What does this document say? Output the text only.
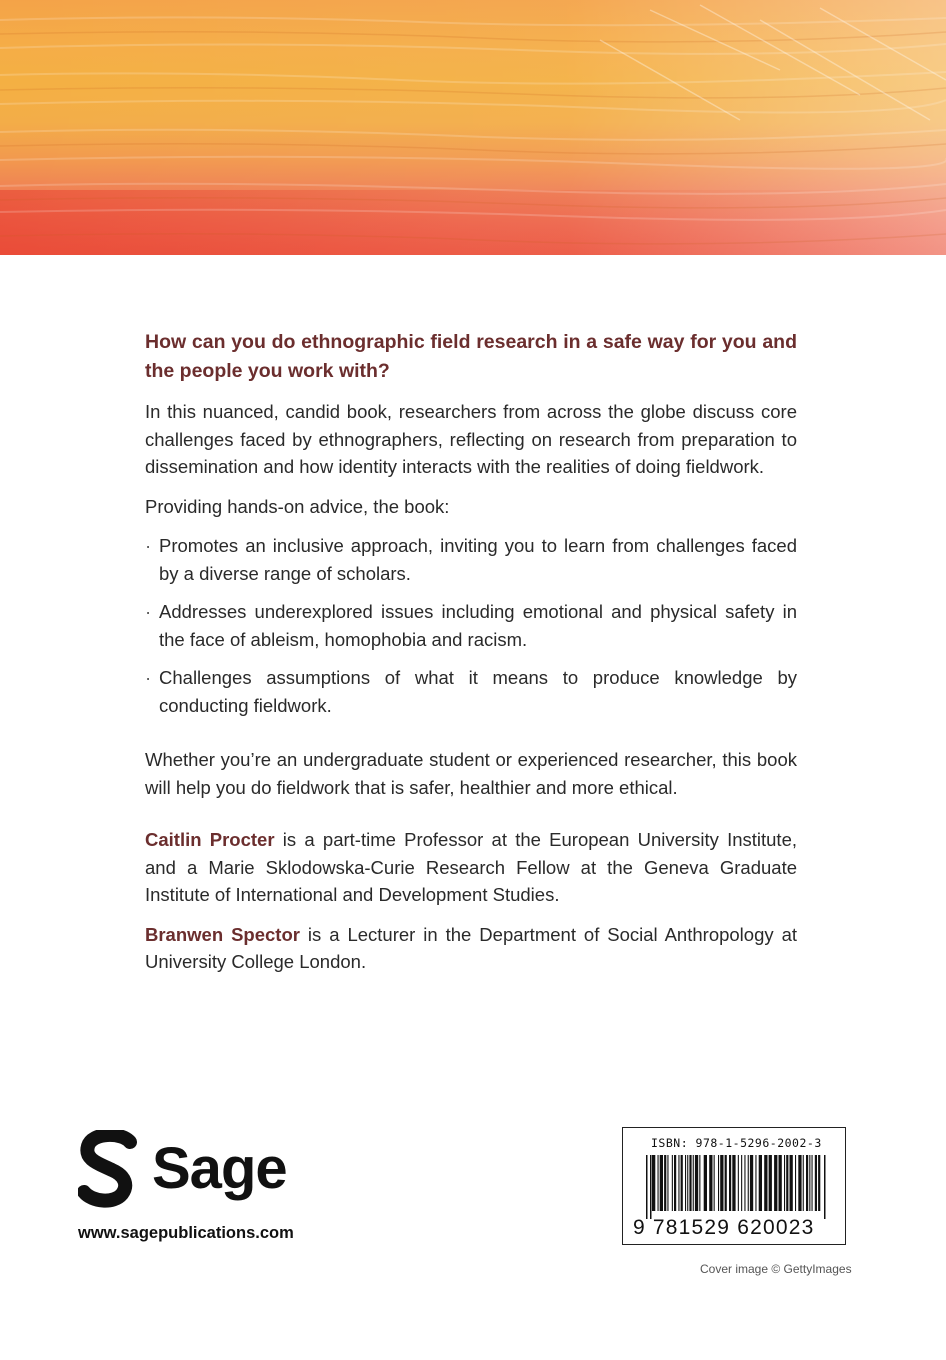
How can you do ethnographic field research in a safe way for you and the people you work with?

In this nuanced, candid book, researchers from across the globe discuss core challenges faced by ethnographers, reflecting on research from preparation to dissemination and how identity interacts with the realities of doing fieldwork.

Providing hands-on advice, the book:

· Promotes an inclusive approach, inviting you to learn from challenges faced by a diverse range of scholars.
· Addresses underexplored issues including emotional and physical safety in the face of ableism, homophobia and racism.
· Challenges assumptions of what it means to produce knowledge by conducting fieldwork.

Whether you’re an undergraduate student or experienced researcher, this book will help you do fieldwork that is safer, healthier and more ethical.

Caitlin Procter is a part-time Professor at the European University Institute, and a Marie Sklodowska-Curie Research Fellow at the Geneva Graduate Institute of International and Development Studies.

Branwen Spector is a Lecturer in the Department of Social Anthropology at University College London.

Sage
www.sagepublications.com
ISBN: 978-1-5296-2002-3
9 781529 620023
Cover image © GettyImages
